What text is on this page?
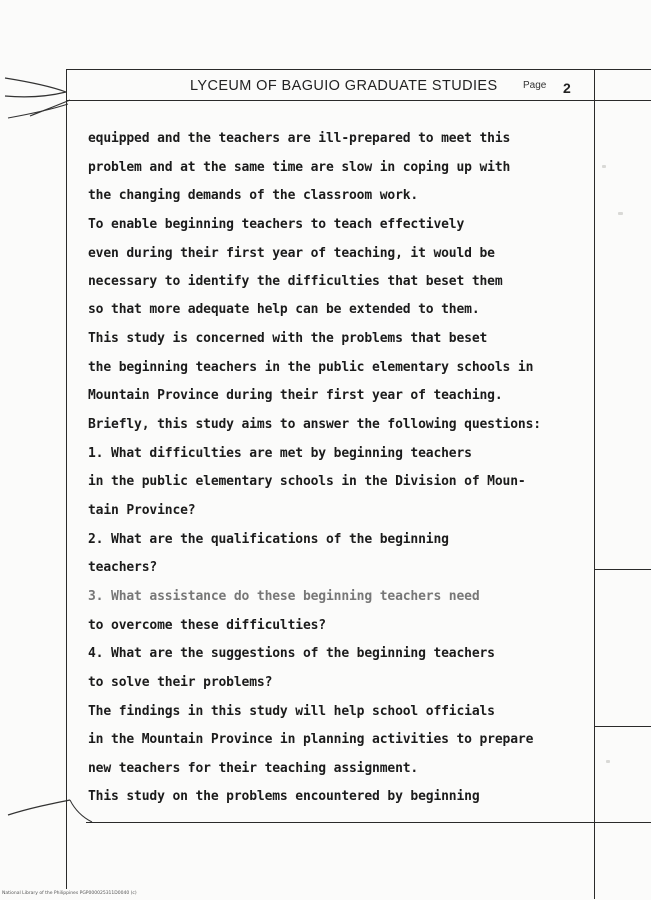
LYCEUM OF BAGUIO GRADUATE STUDIES	Page 2
equipped and the teachers are ill-prepared to meet this
problem and at the same time are slow in coping up with
the changing demands of the classroom work.
To enable beginning teachers to teach effectively
even during their first year of teaching, it would be
necessary to identify the difficulties that beset them
so that more adequate help can be extended to them.
This study is concerned with the problems that beset
the beginning teachers in the public elementary schools in
Mountain Province during their first year of teaching.
Briefly, this study aims to answer the following questions:
1. What difficulties are met by beginning teachers
in the public elementary schools in the Division of Moun-
tain Province?
2. What are the qualifications of the beginning
teachers?
3. What assistance do these beginning teachers need
to overcome these difficulties?
4. What are the suggestions of the beginning teachers
to solve their problems?
The findings in this study will help school officials
in the Mountain Province in planning activities to prepare
new teachers for their teaching assignment.
This study on the problems encountered by beginning
National Library of the Philippines PGP000025311D0040 (c)
